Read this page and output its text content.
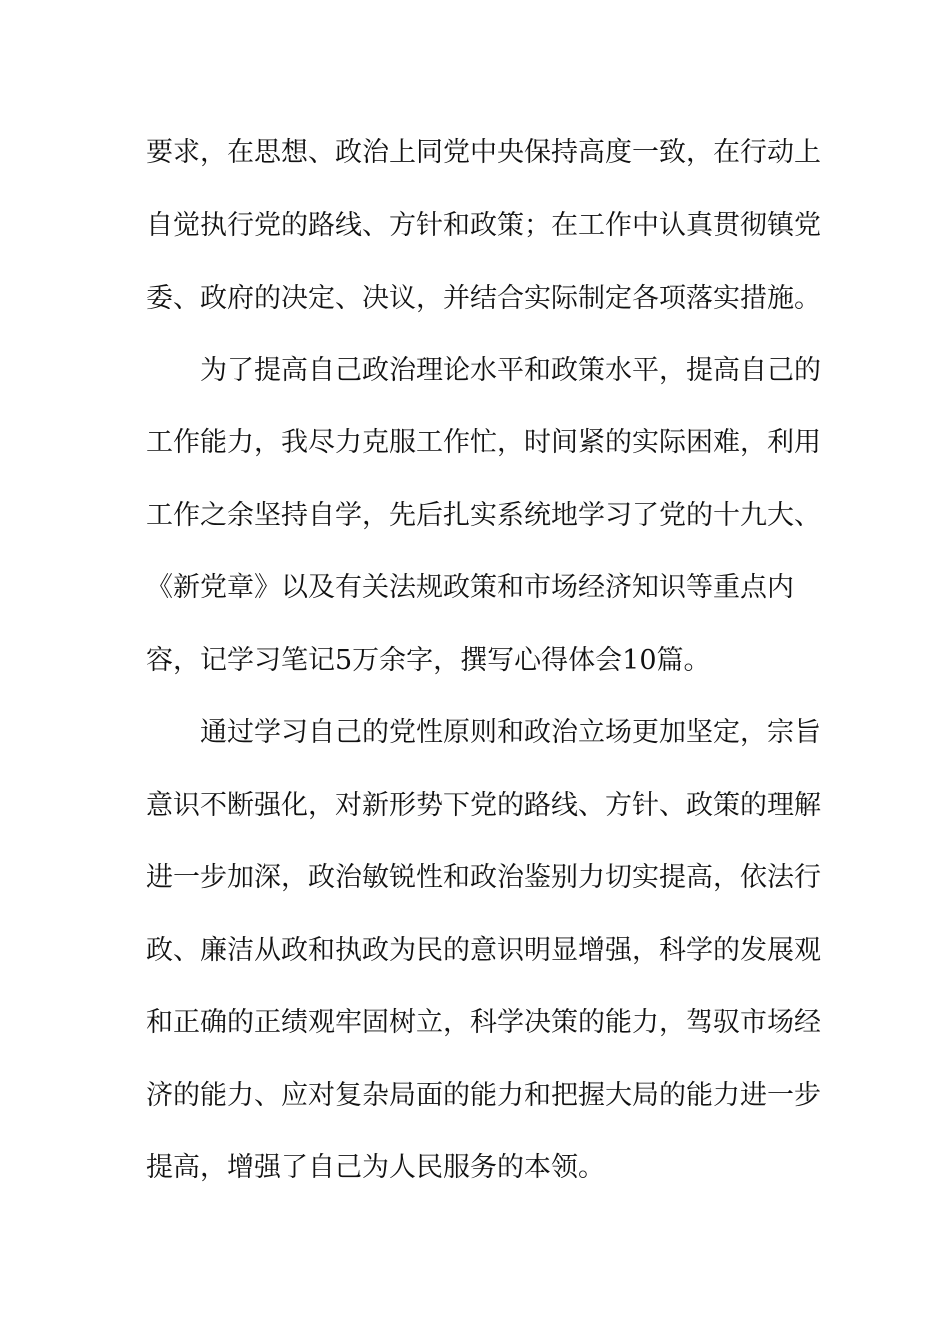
要求，在思想、政治上同党中央保持高度一致，在行动上
自觉执行党的路线、方针和政策；在工作中认真贯彻镇党
委、政府的决定、决议，并结合实际制定各项落实措施。
为了提高自己政治理论水平和政策水平，提高自己的
工作能力，我尽力克服工作忙，时间紧的实际困难，利用
工作之余坚持自学，先后扎实系统地学习了党的十九大、
《新党章》以及有关法规政策和市场经济知识等重点内
容，记学习笔记5万余字，撰写心得体会10篇。
通过学习自己的党性原则和政治立场更加坚定，宗旨
意识不断强化，对新形势下党的路线、方针、政策的理解
进一步加深，政治敏锐性和政治鉴别力切实提高，依法行
政、廉洁从政和执政为民的意识明显增强，科学的发展观
和正确的正绩观牢固树立，科学决策的能力，驾驭市场经
济的能力、应对复杂局面的能力和把握大局的能力进一步
提高，增强了自己为人民服务的本领。
